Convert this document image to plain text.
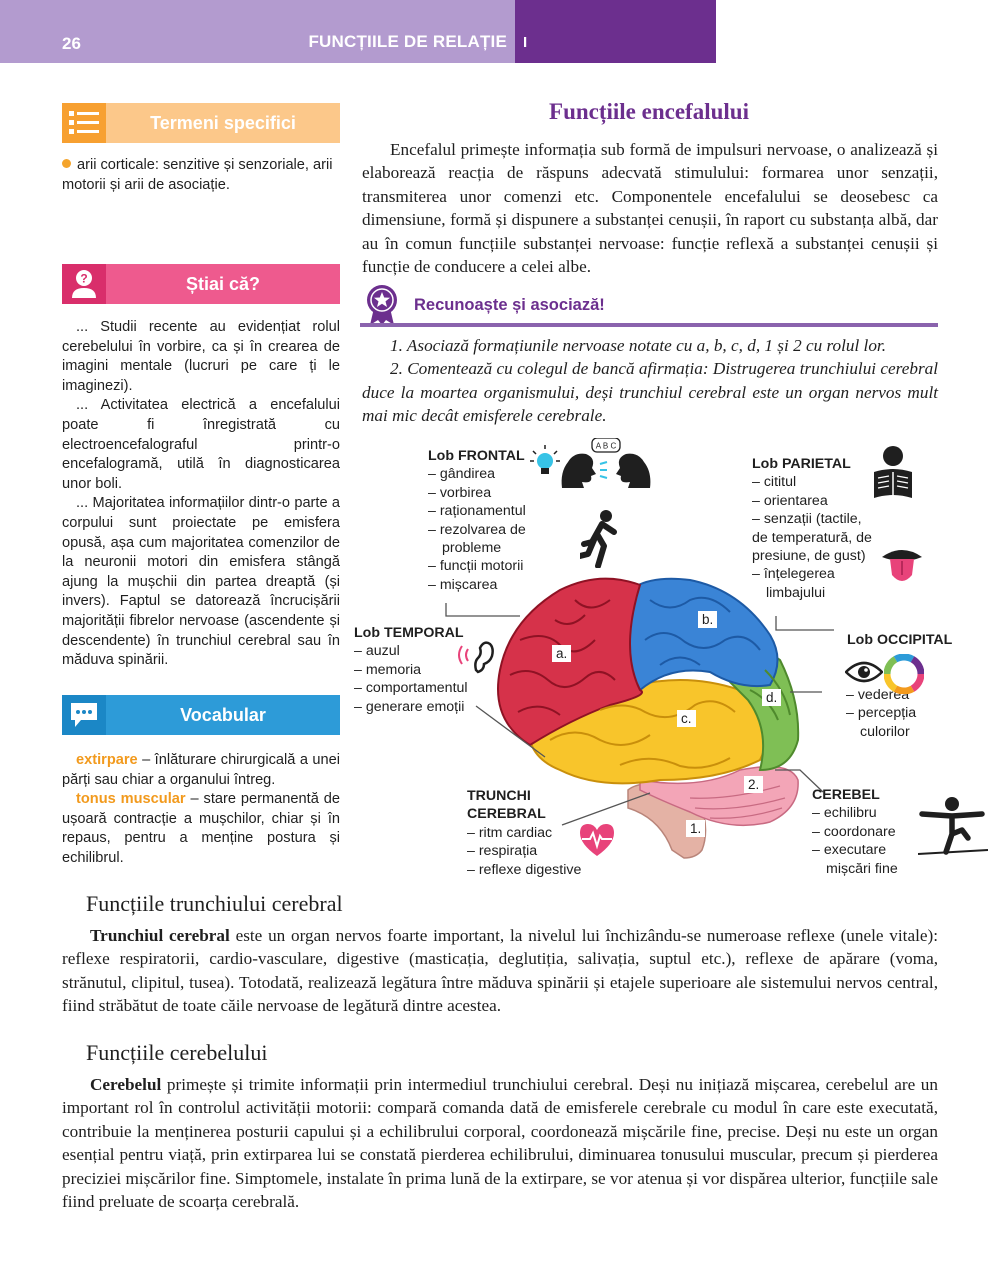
26	FUNCȚIILE DE RELAȚIE I
Termeni specifici
arii corticale: senzitive și senzoriale, arii motorii și arii de asociație.
?	Știai că?

... Studii recente au evidențiat rolul cerebelului în vorbire, ca și în crearea de imagini mentale (lucruri pe care ți le imaginezi).

... Activitatea electrică a encefalului poate fi înregistrată cu electroencefalograful printr-o encefalogramă, utilă în diagnosticarea unor boli.

... Majoritatea informațiilor dintr-o parte a corpului sunt proiectate pe emisfera opusă, așa cum majoritatea comenzilor de la neuronii motori din emisfera stângă ajung la mușchii din partea dreaptă (și invers). Faptul se datorează încrucișării majorității fibrelor nervoase (ascendente și descendente) în trunchiul cerebral sau în măduva spinării.

Vocabular

extirpare – înlăturare chirurgicală a unei părți sau chiar a organului întreg.

tonus muscular – stare permanentă de ușoară contracție a mușchilor, chiar și în repaus, pentru a menține postura și echilibrul.

Funcțiile encefalului

Encefalul primește informația sub formă de impulsuri nervoase, o analizează și elaborează reacția de răspuns adecvată stimulului: formarea unor senzații, transmiterea unor comenzi etc. Componentele encefalului se deosebesc ca dimensiune, formă și dispunere a substanței cenușii, în raport cu substanța albă, dar au în comun funcțiile substanței nervoase: funcție reflexă a substanței cenușii și funcție de conducere a celei albe.

Recunoaște și asociază!

1. Asociază formațiunile nervoase notate cu a, b, c, d, 1 și 2 cu rolul lor.

2. Comentează cu colegul de bancă afirmația: Distrugerea trunchiului cerebral duce la moartea organismului, deși trunchiul cerebral este un organ nervos mult mai mic decât emisferele cerebrale.

a.
b.
c.
d.
1.
2.
Lob FRONTAL
– gândirea
– vorbirea
– raționamentul
– rezolvarea de
probleme
– funcții motorii
– mișcarea
Lob PARIETAL
– cititul
– orientarea
– senzații (tactile,
de temperatură, de
presiune, de gust)
– înțelegerea
limbajului
Lob TEMPORAL
– auzul
– memoria
– comportamentul
– generare emoții
Lob OCCIPITAL
– vederea
– percepția
culorilor
TRUNCHI
CEREBRAL
– ritm cardiac
– respirația
– reflexe digestive
CEREBEL
– echilibru
– coordonare
– executare
mișcări fine
A B C
Funcțiile trunchiului cerebral

Trunchiul cerebral este un organ nervos foarte important, la nivelul lui închizându-se numeroase reflexe (unele vitale): reflexe respiratorii, cardio-vasculare, digestive (masticația, deglutiția, salivația, suptul etc.), reflexe de apărare (voma, strănutul, clipitul, tusea). Totodată, realizează legătura între măduva spinării și etajele superioare ale sistemului nervos central, fiind străbătut de toate căile nervoase de legătură dintre acestea.

Funcțiile cerebelului

Cerebelul primește și trimite informații prin intermediul trunchiului cerebral. Deși nu inițiază mișcarea, cerebelul are un important rol în controlul activității motorii: compară comanda dată de emisferele cerebrale cu modul în care este executată, contribuie la menținerea posturii capului și a echilibrului corporal, coordonează mișcările fine, precise. Deși nu este un organ esențial pentru viață, prin extirparea lui se constată pierderea echilibrului, diminuarea tonusului muscular, precum și pierderea preciziei mișcărilor fine. Simptomele, instalate în prima lună de la extirpare, se vor atenua și vor dispărea ulterior, funcțiile sale fiind preluate de scoarța cerebrală.
